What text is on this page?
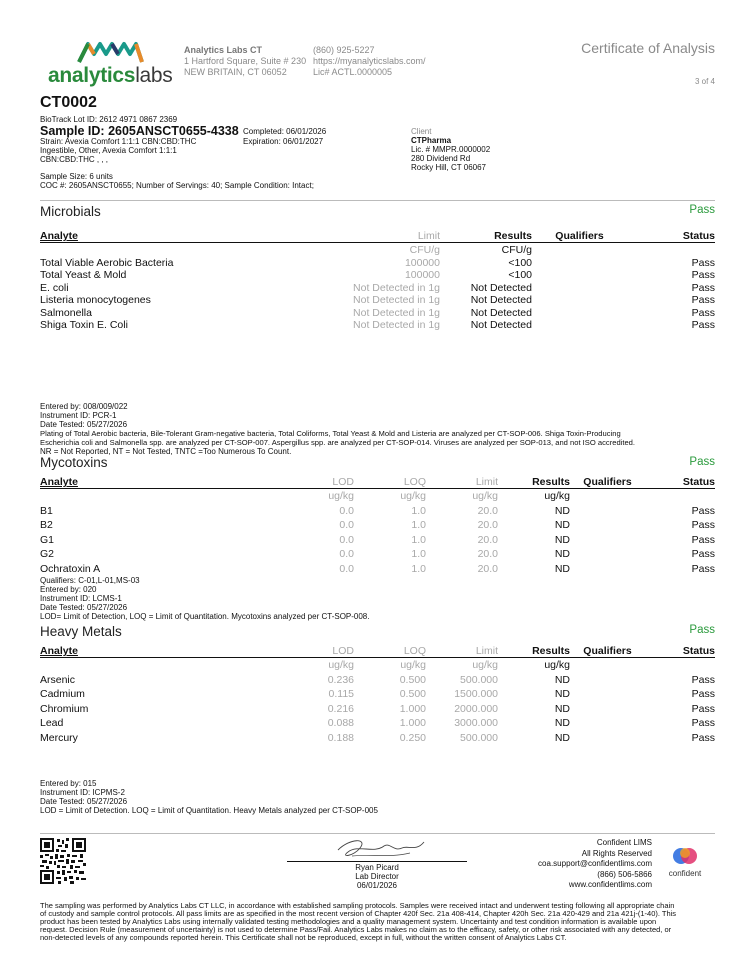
analyticslabs
Analytics Labs CT
1 Hartford Square, Suite # 230
NEW BRITAIN, CT 06052
(860) 925-5227
https://myanalyticslabs.com/
Lic# ACTL.0000005
Certificate of Analysis
3 of 4
CT0002
BioTrack Lot ID: 2612 4971 0867 2369
Sample ID: 2605ANSCT0655-4338 Completed: 06/01/2026
Expiration: 06/01/2027
Strain: Avexia Comfort 1:1:1 CBN:CBD:THC
Ingestible, Other, Avexia Comfort 1:1:1
CBN:CBD:THC , , ,
Sample Size: 6 units
COC #: 2605ANSCT0655; Number of Servings: 40; Sample Condition: Intact;
Client
CTPharma
Lic. # MMPR.0000002
280 Dividend Rd
Rocky Hill, CT 06067
Microbials	Pass
Analyte	Limit	Results	Qualifiers	Status
	CFU/g	CFU/g		
Total Viable Aerobic Bacteria	100000	<100		Pass
Total Yeast & Mold	100000	<100		Pass
E. coli	Not Detected in 1g	Not Detected		Pass
Listeria monocytogenes	Not Detected in 1g	Not Detected		Pass
Salmonella	Not Detected in 1g	Not Detected		Pass
Shiga Toxin E. Coli	Not Detected in 1g	Not Detected		Pass
Entered by: 008/009/022
Instrument ID: PCR-1
Date Tested: 05/27/2026
Plating of Total Aerobic bacteria, Bile-Tolerant Gram-negative bacteria, Total Coliforms, Total Yeast & Mold and Listeria are analyzed per CT-SOP-006. Shiga Toxin-Producing
Escherichia coli and Salmonella spp. are analyzed per CT-SOP-007. Aspergillus spp. are analyzed per CT-SOP-014. Viruses are analyzed per SOP-013, and not ISO accredited.
NR = Not Reported, NT = Not Tested, TNTC =Too Numerous To Count.
Mycotoxins	Pass
Analyte	LOD	LOQ	Limit	Results	Qualifiers	Status
	ug/kg	ug/kg	ug/kg	ug/kg		
B1	0.0	1.0	20.0	ND		Pass
B2	0.0	1.0	20.0	ND		Pass
G1	0.0	1.0	20.0	ND		Pass
G2	0.0	1.0	20.0	ND		Pass
Ochratoxin A	0.0	1.0	20.0	ND		Pass
Qualifiers: C-01,L-01,MS-03
Entered by: 020
Instrument ID: LCMS-1
Date Tested: 05/27/2026
LOD= Limit of Detection, LOQ = Limit of Quantitation. Mycotoxins analyzed per CT-SOP-008.
Heavy Metals	Pass
Analyte	LOD	LOQ	Limit	Results	Qualifiers	Status
	ug/kg	ug/kg	ug/kg	ug/kg		
Arsenic	0.236	0.500	500.000	ND		Pass
Cadmium	0.115	0.500	1500.000	ND		Pass
Chromium	0.216	1.000	2000.000	ND		Pass
Lead	0.088	1.000	3000.000	ND		Pass
Mercury	0.188	0.250	500.000	ND		Pass
Entered by: 015
Instrument ID: ICPMS-2
Date Tested: 05/27/2026
LOD = Limit of Detection. LOQ = Limit of Quantitation. Heavy Metals analyzed per CT-SOP-005
Ryan Picard
Lab Director
06/01/2026
Confident LIMS
All Rights Reserved
coa.support@confidentlims.com
(866) 506-5866
www.confidentlims.com
confident
The sampling was performed by Analytics Labs CT LLC, in accordance with established sampling protocols. Samples were received intact and underwent testing following all appropriate chain
of custody and sample control protocols. All pass limits are as specified in the most recent version of Chapter 420f Sec. 21a 408-414, Chapter 420h Sec. 21a 420-429 and 21a 421j-(1-40). This
product has been tested by Analytics Labs using internally validated testing methodologies and a quality management system. Uncertainty and test condition information is available upon
request. Decision Rule (measurement of uncertainty) is not used to determine Pass/Fail. Analytics Labs makes no claim as to the efficacy, safety, or other risk associated with any detected, or
non-detected levels of any compounds reported herein. This Certificate shall not be reproduced, except in full, without the written consent of Analytics Labs CT.
